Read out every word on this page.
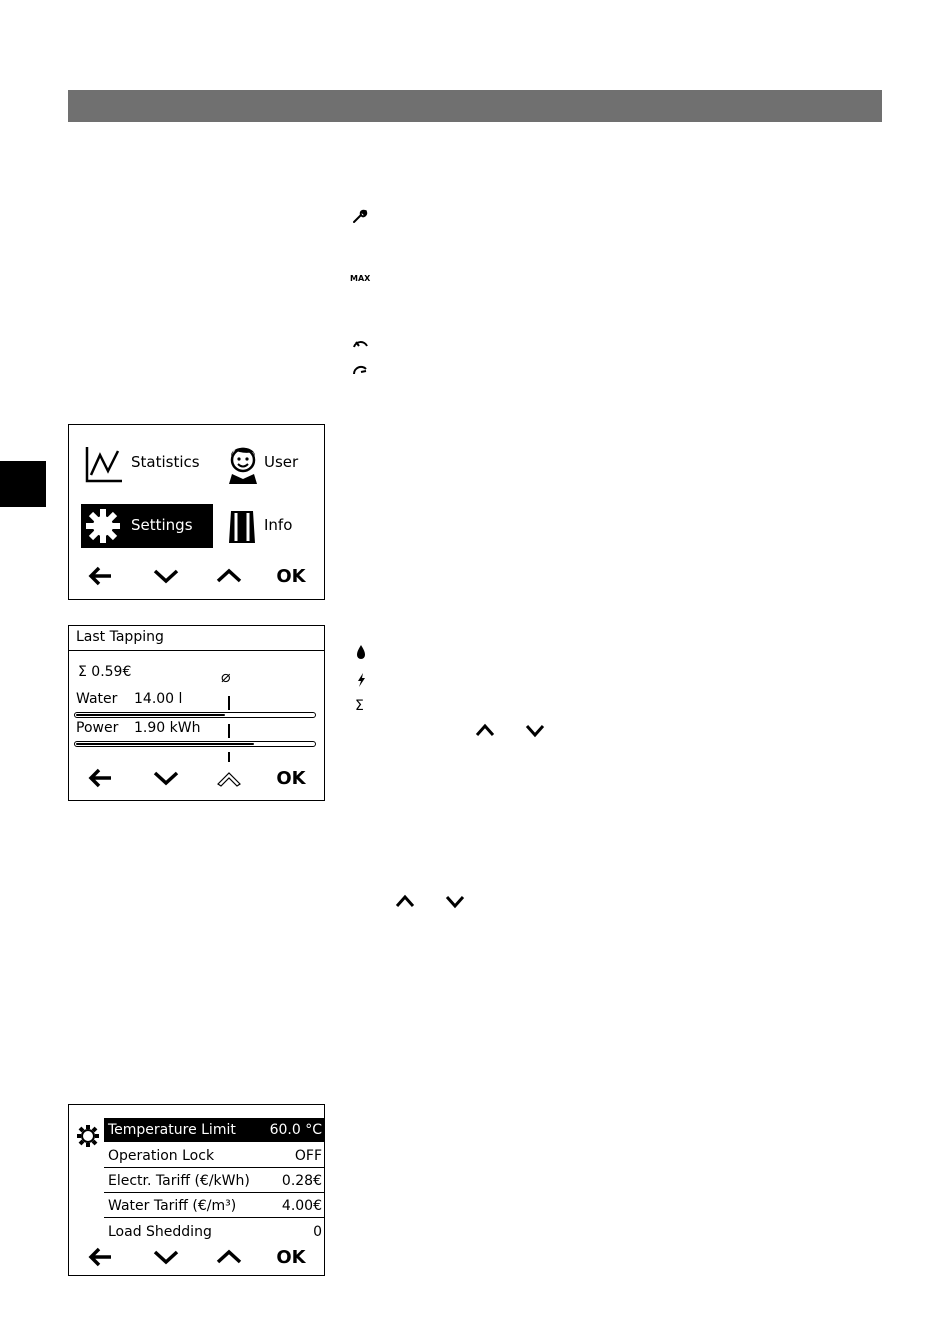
MAX
Statistics	User
Settings	Info
OK
Last Tapping
Σ 0.59€	⌀
Water 14.00 l
Power 1.90 kWh
OK
Σ
Temperature Limit 60.0 °C
Operation Lock	OFF
Electr. Tariff (€/kWh) 0.28€
Water Tariff (€/m³)	4.00€
Load Shedding	0
OK
